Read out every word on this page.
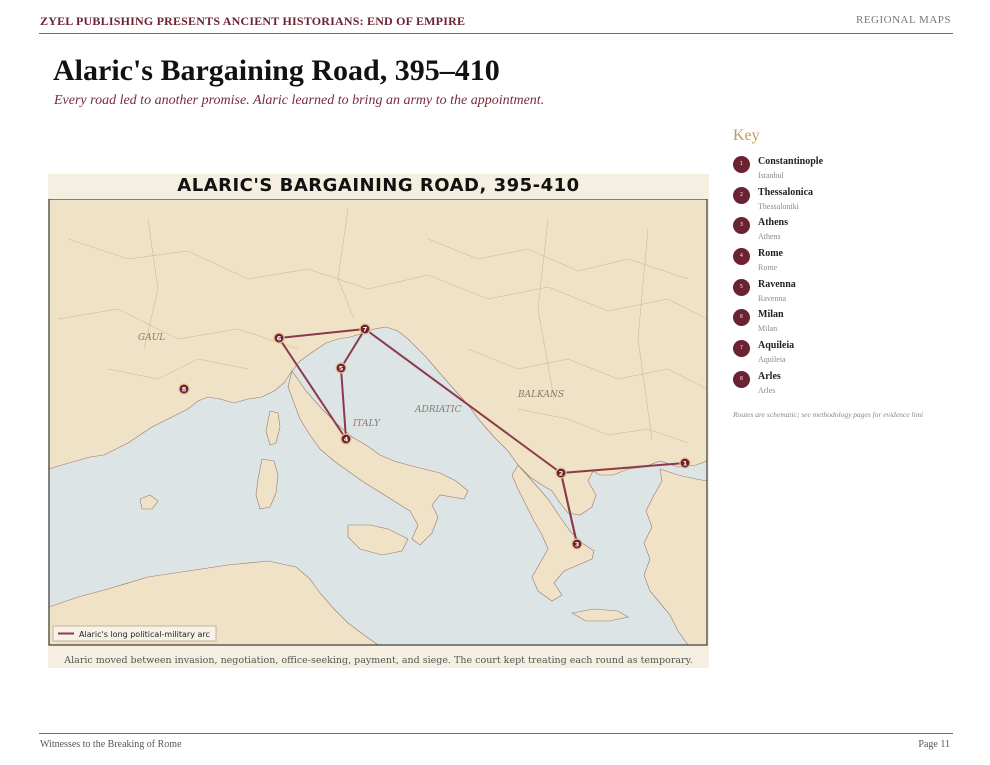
ZYEL PUBLISHING PRESENTS ANCIENT HISTORIANS: END OF EMPIRE	REGIONAL MAPS
Alaric's Bargaining Road, 395–410
Every road led to another promise. Alaric learned to bring an army to the appointment.
ALARIC'S BARGAINING ROAD, 395-410
GAUL
ITALY
ADRIATIC
BALKANS
1
2
3
4
5
6
7
8
Alaric's long political-military arc
Alaric moved between invasion, negotiation, office-seeking, payment, and siege. The court kept treating each round as temporary.
Key
1	Constantinople
Istanbul
2	Thessalonica
Thessaloniki
3	Athens
Athens
4	Rome
Rome
5	Ravenna
Ravenna
6	Milan
Milan
7	Aquileia
Aquileia
8	Arles
Arles
Routes are schematic; see methodology pages for evidence limi
Witnesses to the Breaking of Rome	Page 11
